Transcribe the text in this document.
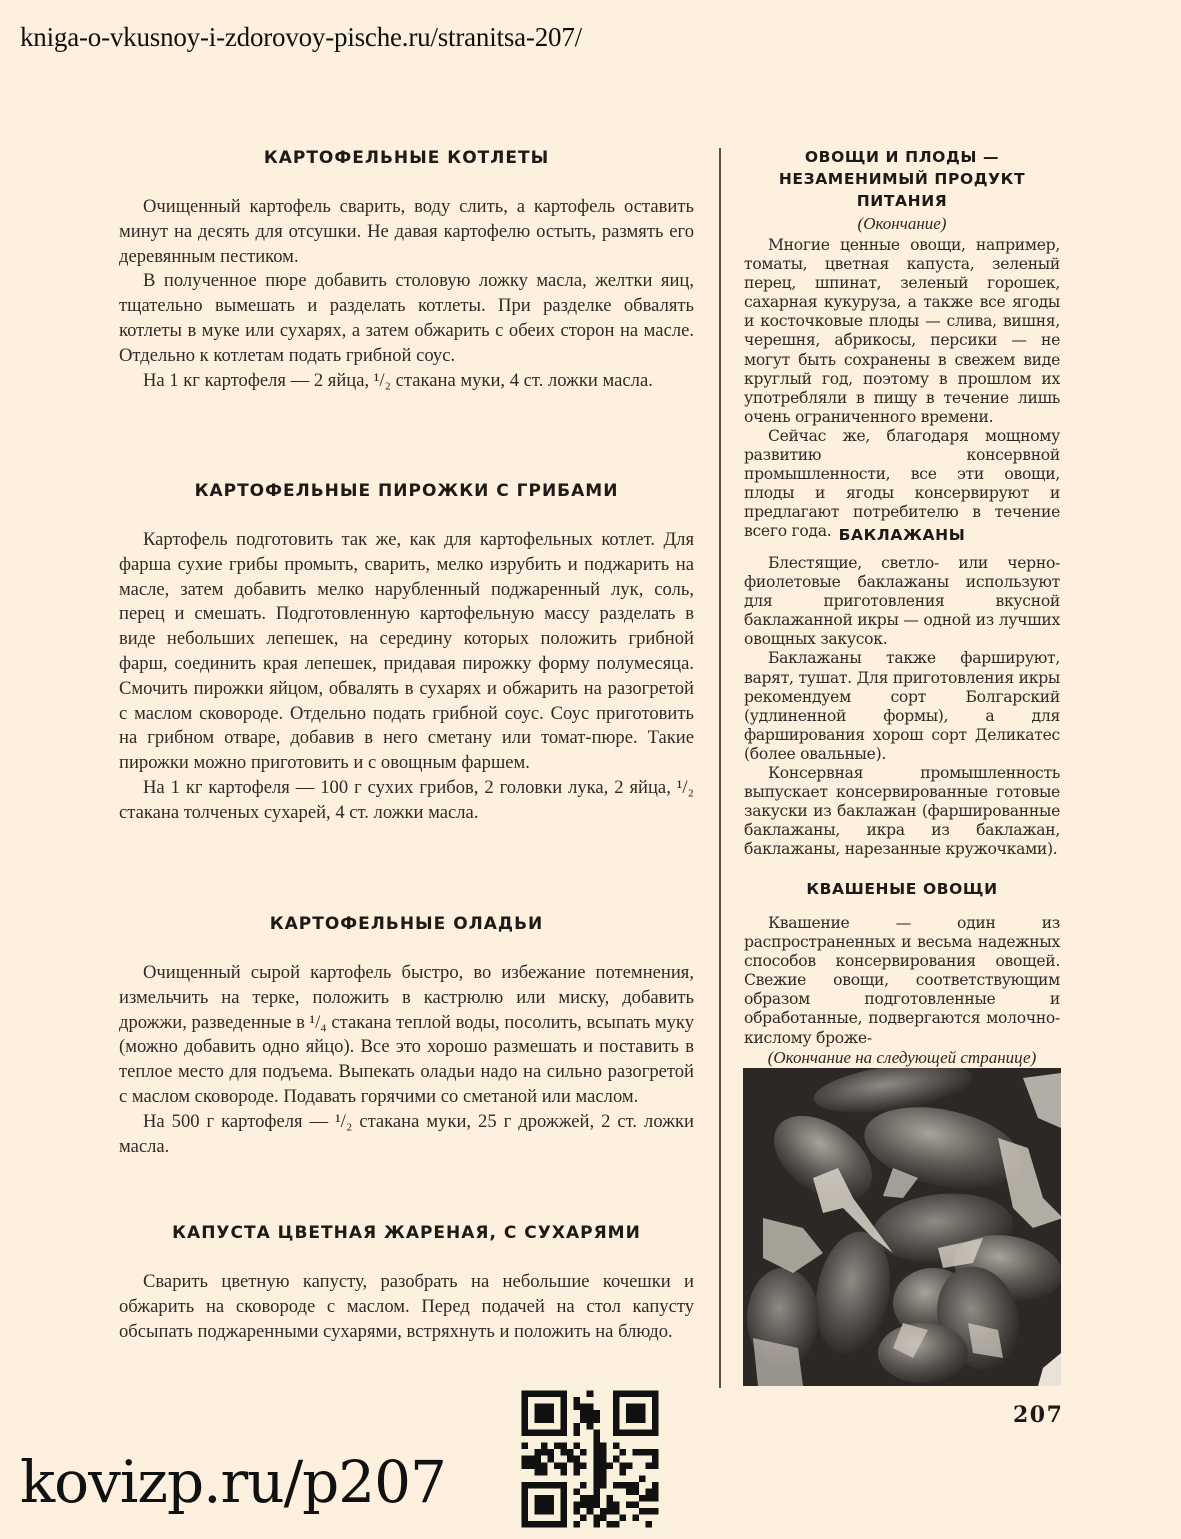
kniga-o-vkusnoy-i-zdorovoy-pische.ru/stranitsa-207/
КАРТОФЕЛЬНЫЕ КОТЛЕТЫ

Очищенный картофель сварить, воду слить, а картофель оставить минут на десять для отсушки. Не давая картофелю остыть, размять его деревянным пестиком.

В полученное пюре добавить столовую ложку масла, желтки яиц, тщательно вымешать и разделать котлеты. При разделке обвалять котлеты в муке или сухарях, а затем обжарить с обеих сторон на масле. Отдельно к котлетам подать грибной соус.

На 1 кг картофеля — 2 яйца, ¹/₂ стакана муки, 4 ст. ложки масла.

КАРТОФЕЛЬНЫЕ ПИРОЖКИ С ГРИБАМИ

Картофель подготовить так же, как для картофельных котлет. Для фарша сухие грибы промыть, сварить, мелко изрубить и поджарить на масле, затем добавить мелко нарубленный поджаренный лук, соль, перец и смешать. Подготовленную картофельную массу разделать в виде небольших лепешек, на середину которых положить грибной фарш, соединить края лепешек, придавая пирожку форму полумесяца. Смочить пирожки яйцом, обвалять в сухарях и обжарить на разогретой с маслом сковороде. Отдельно подать грибной соус. Соус приготовить на грибном отваре, добавив в него сметану или томат-пюре. Такие пирожки можно приготовить и с овощным фаршем.

На 1 кг картофеля — 100 г сухих грибов, 2 головки лука, 2 яйца, ¹/₂ стакана толченых сухарей, 4 ст. ложки масла.

КАРТОФЕЛЬНЫЕ ОЛАДЬИ

Очищенный сырой картофель быстро, во избежание потемнения, измельчить на терке, положить в кастрюлю или миску, добавить дрожжи, разведенные в ¹/₄ стакана теплой воды, посолить, всыпать муку (можно добавить одно яйцо). Все это хорошо размешать и поставить в теплое место для подъема. Выпекать оладьи надо на сильно разогретой с маслом сковороде. Подавать горячими со сметаной или маслом.

На 500 г картофеля — ¹/₂ стакана муки, 25 г дрожжей, 2 ст. ложки масла.

КАПУСТА ЦВЕТНАЯ ЖАРЕНАЯ, С СУХАРЯМИ

Сварить цветную капусту, разобрать на небольшие кочешки и обжарить на сковороде с маслом. Перед подачей на стол капусту обсыпать поджаренными сухарями, встряхнуть и положить на блюдо.

ОВОЩИ И ПЛОДЫ — НЕЗАМЕНИМЫЙ ПРОДУКТ ПИТАНИЯ
(Окончание)

Многие ценные овощи, например, томаты, цветная капуста, зеленый перец, шпинат, зеленый горошек, сахарная кукуруза, а также все ягоды и косточковые плоды — слива, вишня, черешня, абрикосы, персики — не могут быть сохранены в свежем виде круглый год, поэтому в прошлом их употребляли в пищу в течение лишь очень ограниченного времени.

Сейчас же, благодаря мощному развитию консервной промышленности, все эти овощи, плоды и ягоды консервируют и предлагают потребителю в течение всего года. БАКЛАЖАНЫ

Блестящие, светло- или черно-фиолетовые баклажаны используют для приготовления вкусной баклажанной икры — одной из лучших овощных закусок.

Баклажаны также фаршируют, варят, тушат. Для приготовления икры рекомендуем сорт Болгарский (удлиненной формы), а для фарширования хорош сорт Деликатес (более овальные).

Консервная промышленность выпускает консервированные готовые закуски из баклажан (фаршированные баклажаны, икра из баклажан, баклажаны, нарезанные кружочками).

КВАШЕНЫЕ ОВОЩИ

Квашение — один из распространенных и весьма надежных способов консервирования овощей. Свежие овощи, соответствующим образом подготовленные и обработанные, подвергаются молочно-кислому броже-

(Окончание на следующей странице)
207
kovizp.ru/p207
